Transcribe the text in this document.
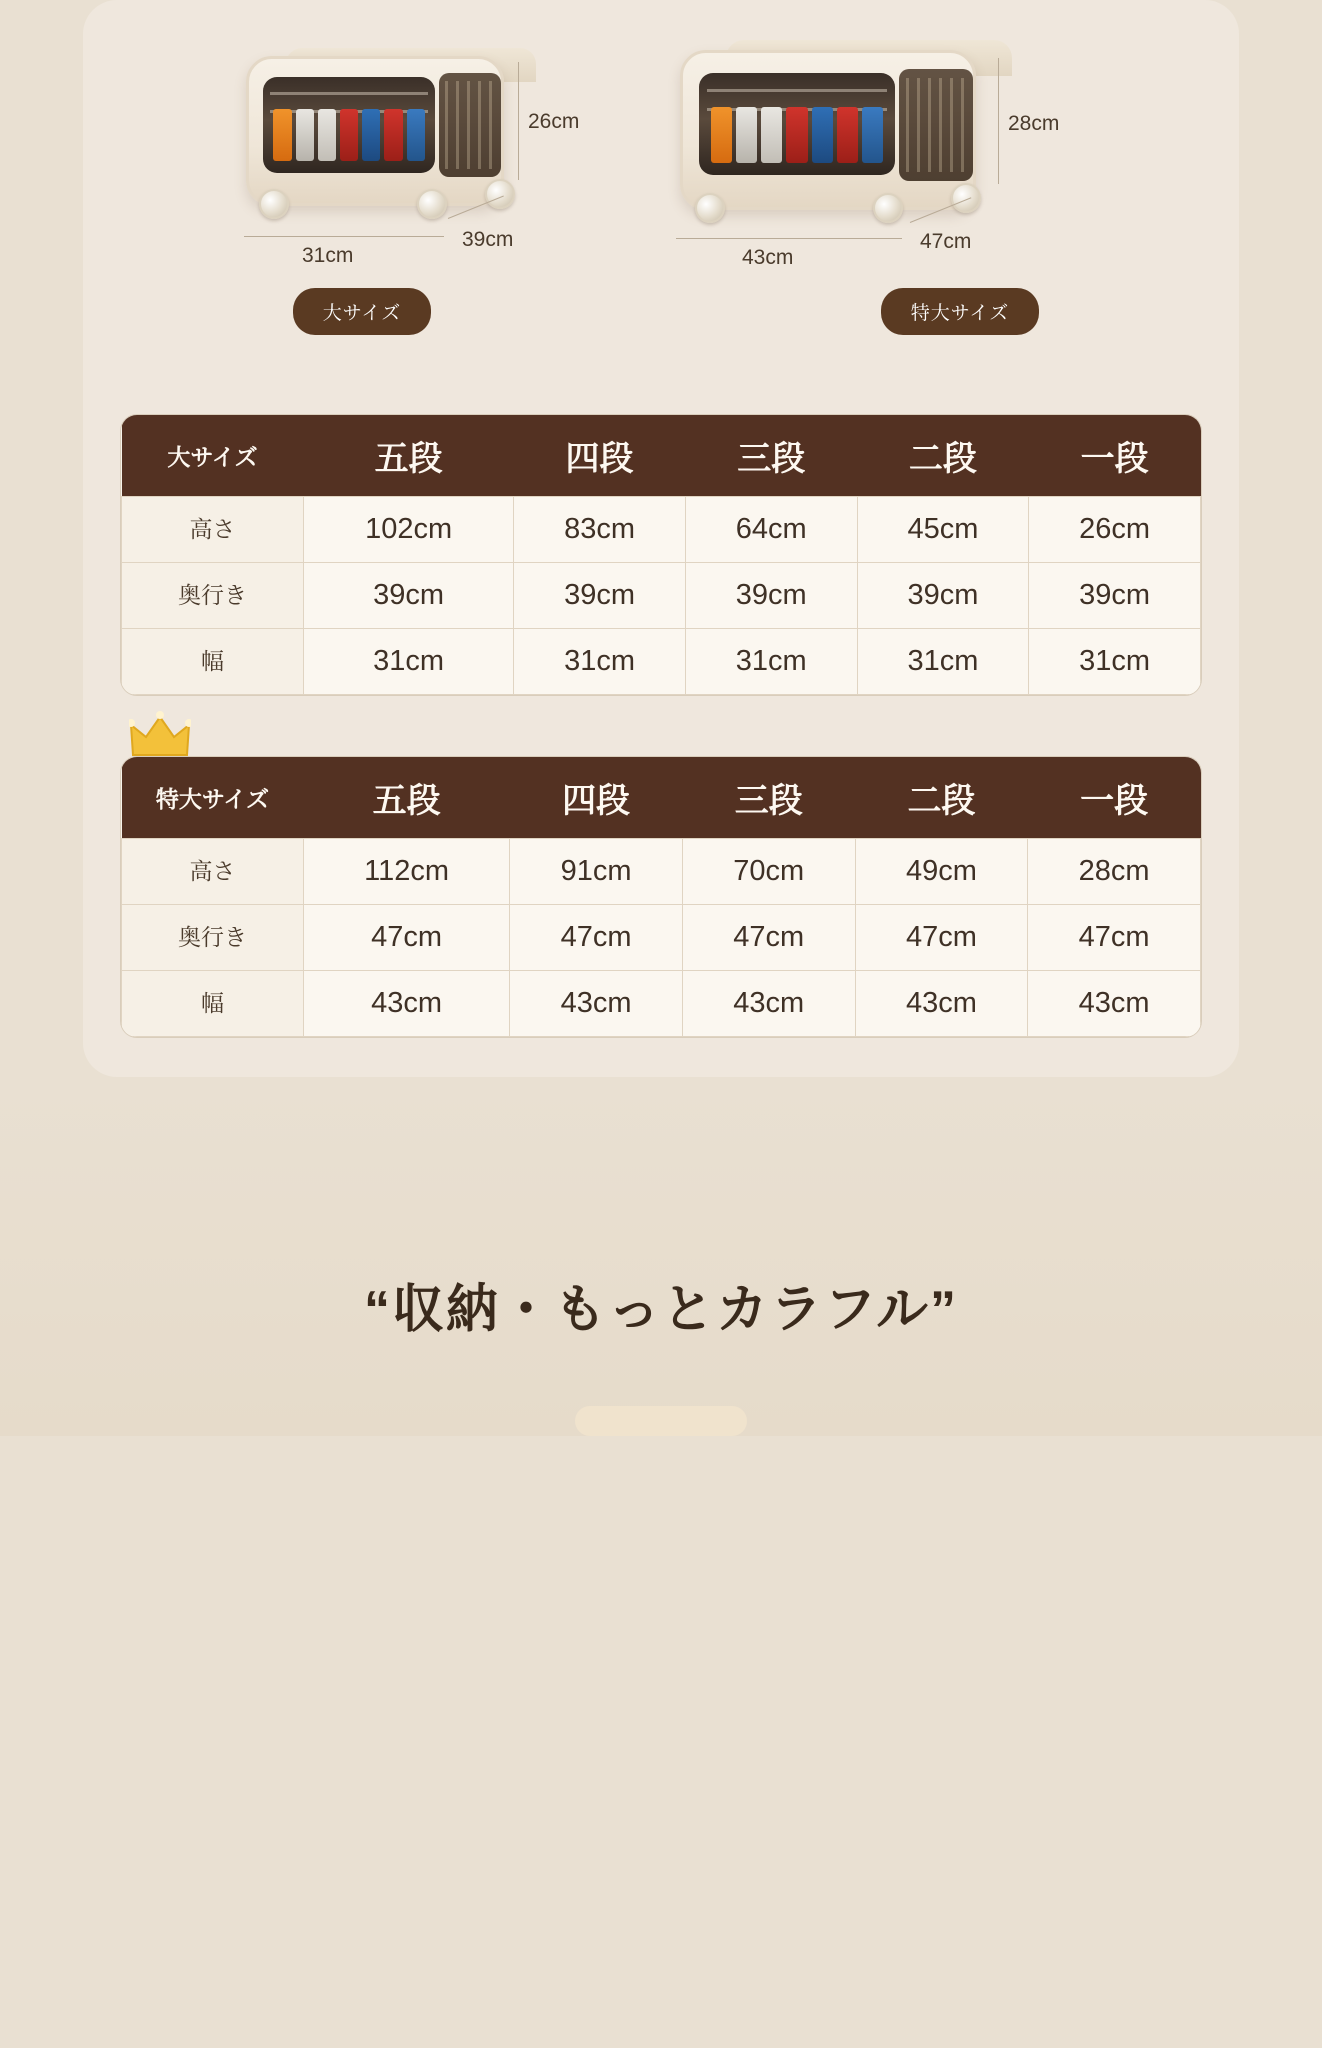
26cm
31cm
39cm
28cm
43cm
47cm
大サイズ	特大サイズ
大サイズ	五段	四段	三段	二段	一段
高さ	102cm	83cm	64cm	45cm	26cm
奥行き	39cm	39cm	39cm	39cm	39cm
幅	31cm	31cm	31cm	31cm	31cm
特大サイズ	五段	四段	三段	二段	一段
高さ	112cm	91cm	70cm	49cm	28cm
奥行き	47cm	47cm	47cm	47cm	47cm
幅	43cm	43cm	43cm	43cm	43cm
“収納・もっとカラフル”
